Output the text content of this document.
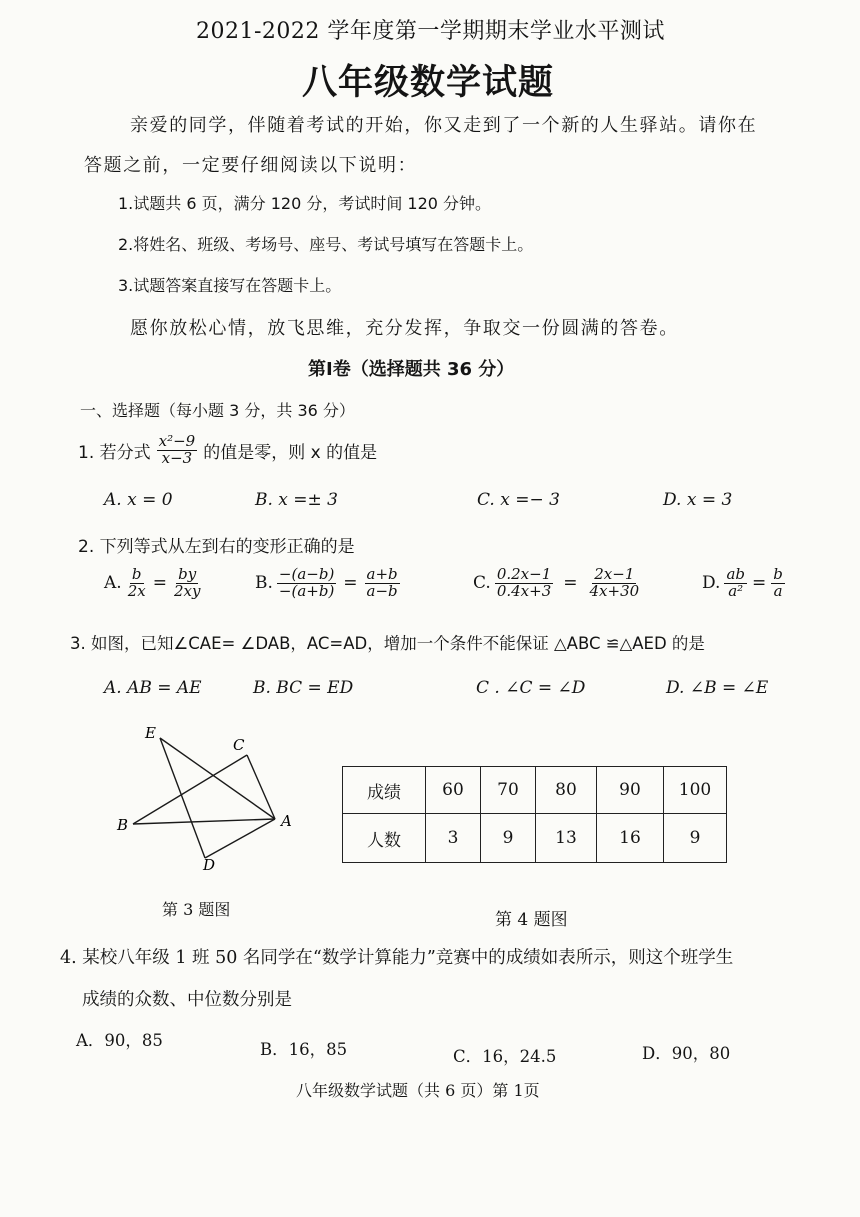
2021-2022 学年度第一学期期末学业水平测试
八年级数学试题
亲爱的同学，伴随着考试的开始，你又走到了一个新的人生驿站。请你在
答题之前，一定要仔细阅读以下说明：
1.试题共 6 页，满分 120 分，考试时间 120 分钟。
2.将姓名、班级、考场号、座号、考试号填写在答题卡上。
3.试题答案直接写在答题卡上。
愿你放松心情，放飞思维，充分发挥，争取交一份圆满的答卷。
第Ⅰ卷（选择题共 36 分）
一、选择题（每小题 3 分，共 36 分）
1. 若分式 $\frac{\text{x²−9}}{x-3}$ 的值是零，则 x 的值是
A. x = 0	B. x =± 3	C. x =− 3	D. x = 3
2. 下列等式从左到右的变形正确的是
A. $\frac{b}{2x} = \frac{by}{2xy}$	B. $\frac{-(a-b)}{-(a+b)} = \frac{a+b}{a-b}$	C. $\frac{0.2x-1}{0.4x+3} = \frac{2x-1}{4x+30}$	D. $\frac{ab}{\text{a²}} = \frac{b}{a}$
3. 如图，已知∠CAE= ∠DAB，AC=AD，增加一个条件不能保证 △ABC ≌△AED 的是
A. AB = AE	B. BC = ED	C . ∠C = ∠D	D. ∠B = ∠E
E
C
B	A
D
第 3 题图
成绩	60	70	80	90	100
人数	3	9	13	16	9
第 4 题图
4. 某校八年级 1 班 50 名同学在“数学计算能力”竞赛中的成绩如表所示，则这个班学生
成绩的众数、中位数分别是
A．90，85	B．16，85	C．16，24.5	D．90，80
八年级数学试题（共 6 页）第 1页
